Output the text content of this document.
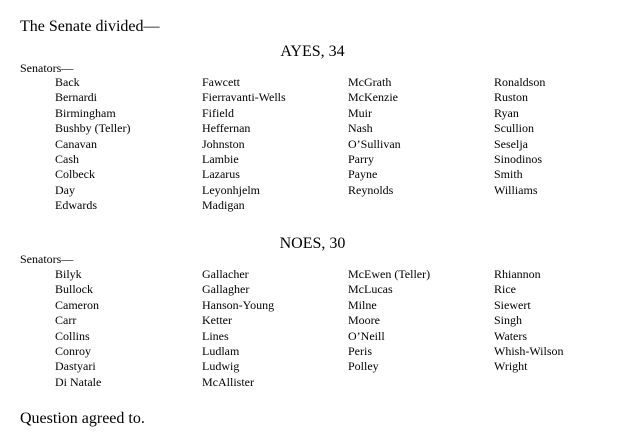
The Senate divided—
AYES, 34
Senators—
Back
Bernardi
Birmingham
Bushby (Teller)
Canavan
Cash
Colbeck
Day
Edwards
Fawcett
Fierravanti-Wells
Fifield
Heffernan
Johnston
Lambie
Lazarus
Leyonhjelm
Madigan
McGrath
McKenzie
Muir
Nash
O’Sullivan
Parry
Payne
Reynolds
Ronaldson
Ruston
Ryan
Scullion
Seselja
Sinodinos
Smith
Williams
NOES, 30
Senators—
Bilyk
Bullock
Cameron
Carr
Collins
Conroy
Dastyari
Di Natale
Gallacher
Gallagher
Hanson-Young
Ketter
Lines
Ludlam
Ludwig
McAllister
McEwen (Teller)
McLucas
Milne
Moore
O’Neill
Peris
Polley
Rhiannon
Rice
Siewert
Singh
Waters
Whish-Wilson
Wright
Question agreed to.
